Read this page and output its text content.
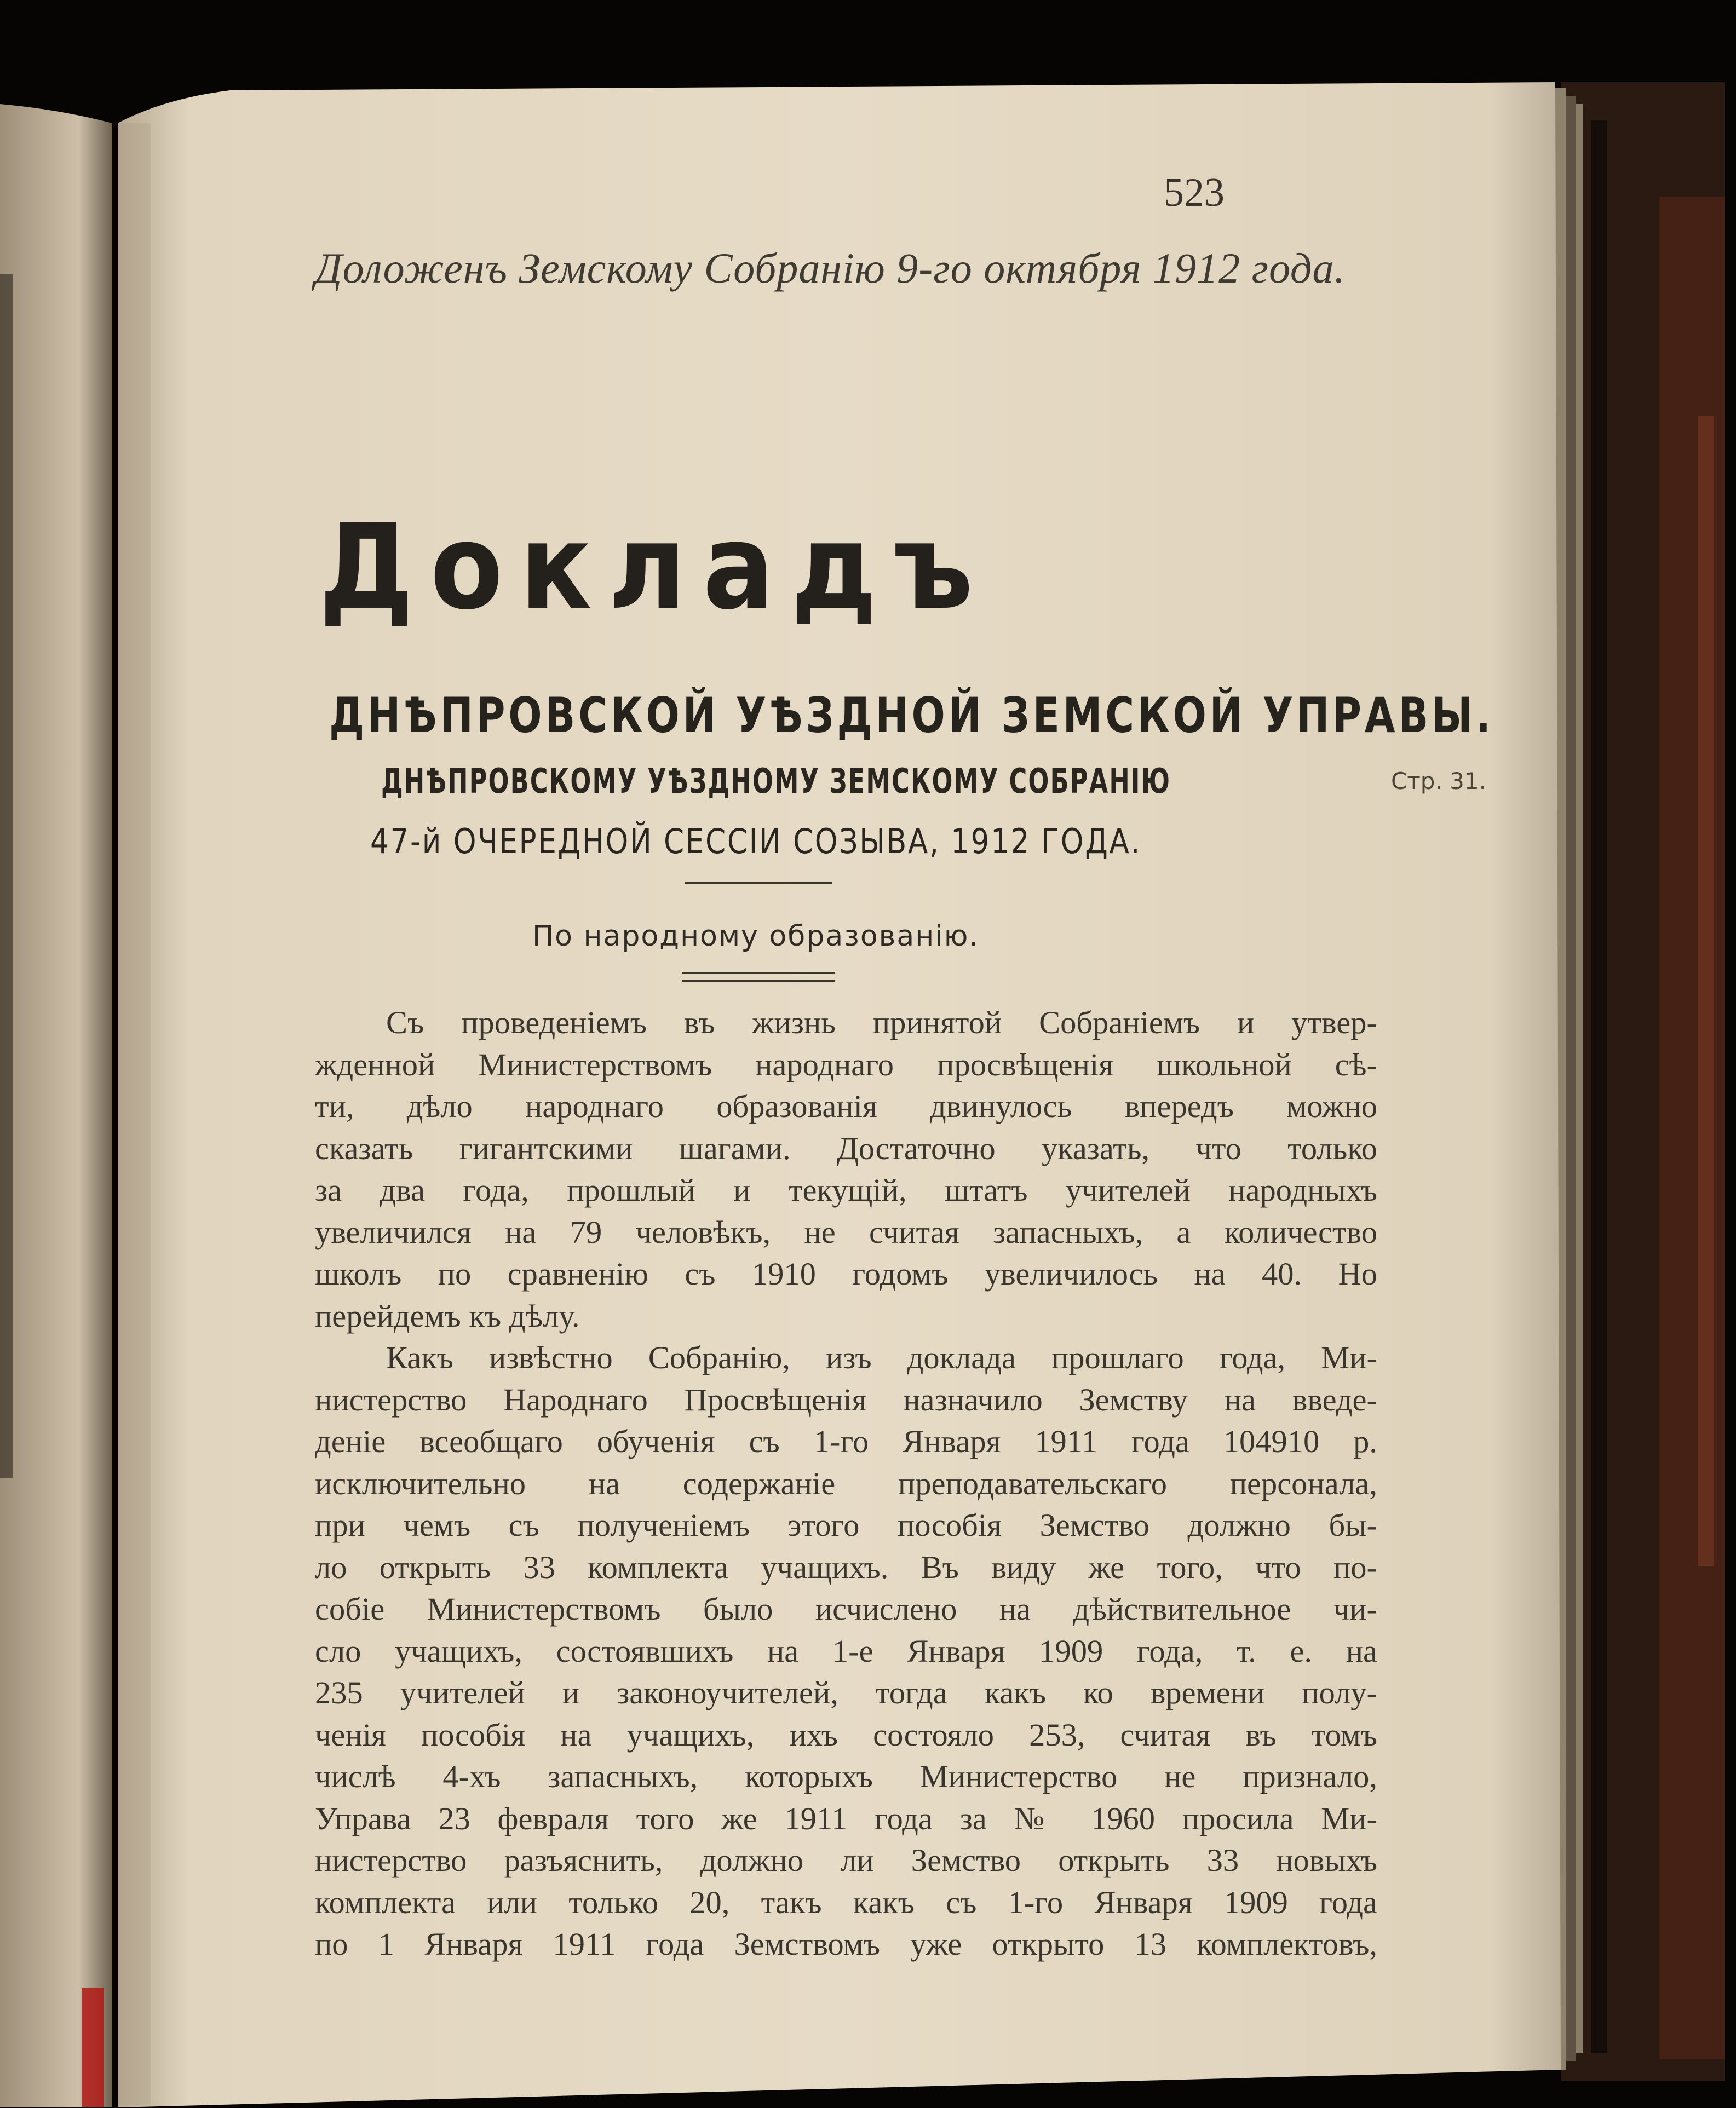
523
Доложенъ Земскому Собранію 9-го октября 1912 года.
Докладъ
ДНѢПРОВСКОЙ УѢЗДНОЙ ЗЕМСКОЙ УПРАВЫ.
ДНѢПРОВСКОМУ УѢЗДНОМУ ЗЕМСКОМУ СОБРАНІЮ
47-й ОЧЕРЕДНОЙ СЕССІИ СОЗЫВА, 1912 ГОДА.
По народному образованію.
Стр. 31.
Съ проведеніемъ въ жизнь принятой Собраніемъ и утвер-
жденной Министерствомъ народнаго просвѣщенія школьной сѣ-
ти, дѣло народнаго образованія двинулось впередъ можно
сказать гигантскими шагами. Достаточно указать, что только
за два года, прошлый и текущій, штатъ учителей народныхъ
увеличился на 79 человѣкъ, не считая запасныхъ, а количество
школъ по сравненію съ 1910 годомъ увеличилось на 40. Но
перейдемъ къ дѣлу.
Какъ извѣстно Собранію, изъ доклада прошлаго года, Ми-
нистерство Народнаго Просвѣщенія назначило Земству на введе-
деніе всеобщаго обученія съ 1-го Января 1911 года 104910 р.
исключительно на содержаніе преподавательскаго персонала,
при чемъ съ полученіемъ этого пособія Земство должно бы-
ло открыть 33 комплекта учащихъ. Въ виду же того, что по-
собіе Министерствомъ было исчислено на дѣйствительное чи-
сло учащихъ, состоявшихъ на 1-е Января 1909 года, т. е. на
235 учителей и законоучителей, тогда какъ ко времени полу-
ченія пособія на учащихъ, ихъ состояло 253, считая въ томъ
числѣ 4-хъ запасныхъ, которыхъ Министерство не признало,
Управа 23 февраля того же 1911 года за № 1960 просила Ми-
нистерство разъяснить, должно ли Земство открыть 33 новыхъ
комплекта или только 20, такъ какъ съ 1-го Января 1909 года
по 1 Января 1911 года Земствомъ уже открыто 13 комплектовъ,
